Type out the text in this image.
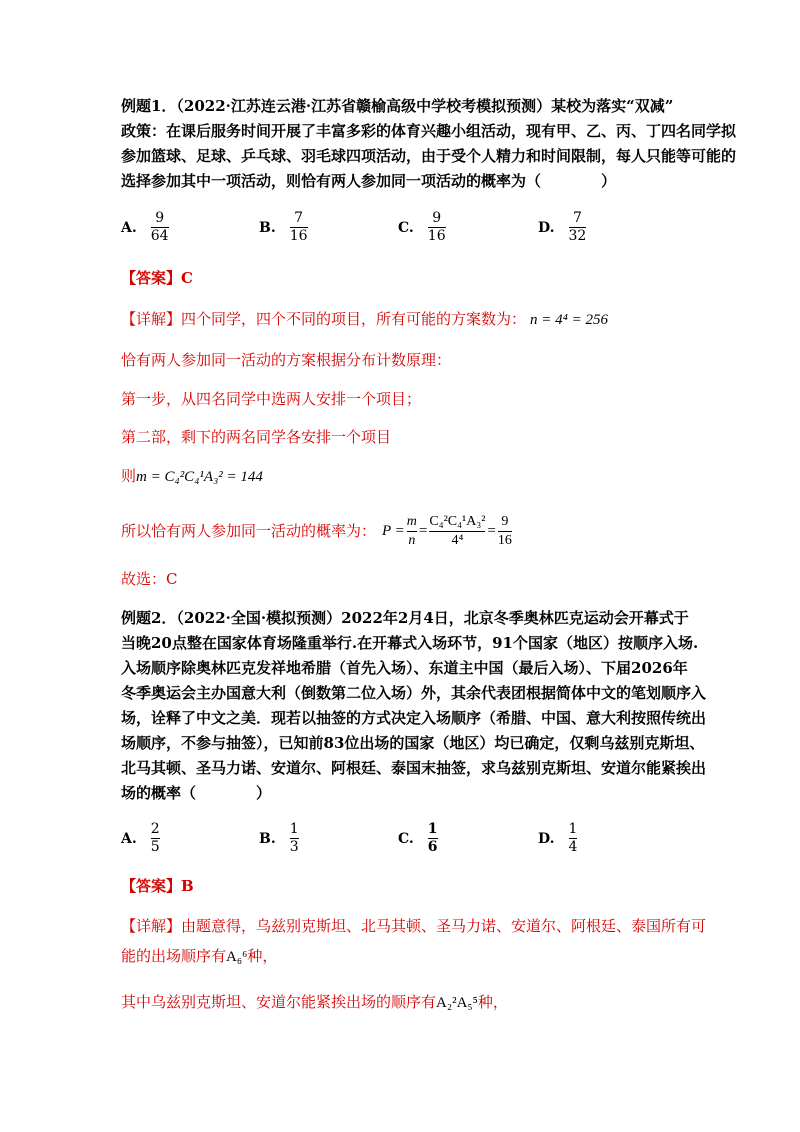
例题1．（2022·江苏连云港·江苏省赣榆高级中学校考模拟预测）某校为落实“双减”
政策：在课后服务时间开展了丰富多彩的体育兴趣小组活动，现有甲、乙、丙、丁四名同学拟
参加篮球、足球、乒乓球、羽毛球四项活动，由于受个人精力和时间限制，每人只能等可能的
选择参加其中一项活动，则恰有两人参加同一项活动的概率为（　　　　）
A. $\frac{9}{64}$	B. $\frac{7}{16}$	C. $\frac{9}{16}$	D. $\frac{7}{32}$
【答案】C
【详解】四个同学，四个不同的项目，所有可能的方案数为： n = 4⁴ = 256
恰有两人参加同一活动的方案根据分布计数原理：
第一步，从四名同学中选两人安排一个项目；
第二部，剩下的两名同学各安排一个项目
则m = C₄²C₄¹A₃² = 144
所以恰有两人参加同一活动的概率为： P =
m
n
=
C₄²C₄¹A₃²
4⁴
=
9
16
故选：C
例题2．（2022·全国·模拟预测）2022年2月4日，北京冬季奥林匹克运动会开幕式于
当晚20点整在国家体育场隆重举行.在开幕式入场环节，91个国家（地区）按顺序入场.
入场顺序除奥林匹克发祥地希腊（首先入场）、东道主中国（最后入场）、下届2026年
冬季奥运会主办国意大利（倒数第二位入场）外，其余代表团根据简体中文的笔划顺序入
场，诠释了中文之美．现若以抽签的方式决定入场顺序（希腊、中国、意大利按照传统出
场顺序，不参与抽签），已知前83位出场的国家（地区）均已确定，仅剩乌兹别克斯坦、
北马其顿、圣马力诺、安道尔、阿根廷、泰国末抽签，求乌兹别克斯坦、安道尔能紧挨出
场的概率（　　　　）
A. $\frac{2}{5}$	B. $\frac{1}{3}$	C. $\frac{1}{6}$	D. $\frac{1}{4}$
【答案】B
【详解】由题意得，乌兹别克斯坦、北马其顿、圣马力诺、安道尔、阿根廷、泰国所有可
能的出场顺序有A₆⁶种，
其中乌兹别克斯坦、安道尔能紧挨出场的顺序有A₂²A₅⁵种，
